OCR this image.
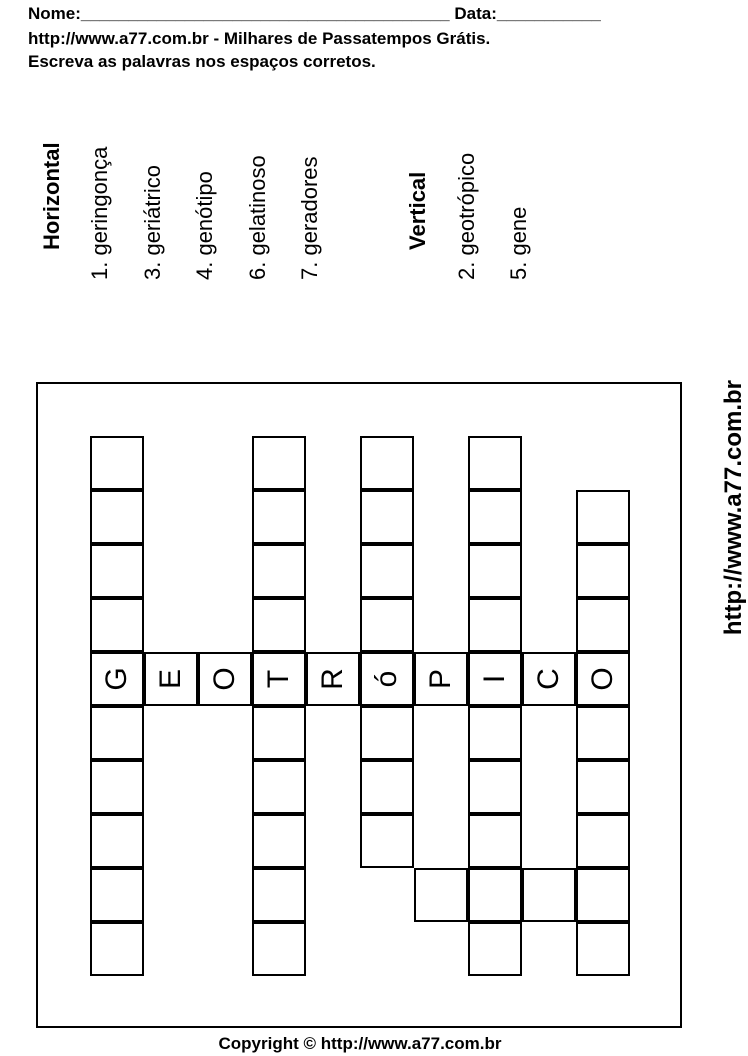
Nome:_______________________________________ Data:___________
http://www.a77.com.br - Milhares de Passatempos Grátis.
Escreva as palavras nos espaços corretos.
Horizontal 1. geringonça 3. geriátrico 4. genótipo 6. gelatinoso 7. geradores	Vertical 2. geotrópico 5. gene
G E O T R ó P I C O
http://www.a77.com.br
Copyright © http://www.a77.com.br
